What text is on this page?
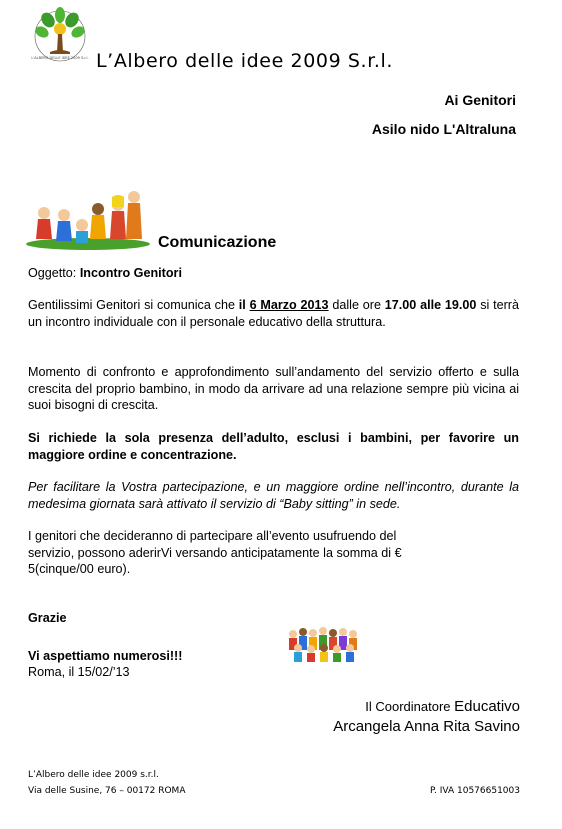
L'ALBERO DELLE IDEE 2009 S.r.l. L’Albero delle idee 2009 S.r.l.
Ai Genitori
Asilo nido L'Altraluna
Comunicazione
Oggetto: Incontro Genitori
Gentilissimi Genitori si comunica che il 6 Marzo 2013 dalle ore 17.00 alle 19.00 si terrà un incontro individuale con il personale educativo della struttura.
Momento di confronto e approfondimento sull’andamento del servizio offerto e sulla crescita del proprio bambino, in modo da arrivare ad una relazione sempre più vicina ai suoi bisogni di crescita.
Si richiede la sola presenza dell’adulto, esclusi i bambini, per favorire un maggiore ordine e concentrazione.
Per facilitare la Vostra partecipazione, e un maggiore ordine nell’incontro, durante la medesima giornata sarà attivato il servizio di “Baby sitting” in sede.
I genitori che decideranno di partecipare all’evento usufruendo del
servizio, possono aderirVi versando anticipatamente la somma di €
5(cinque/00 euro).
Grazie
Vi aspettiamo numerosi!!!
Roma, il 15/02/’13
Il Coordinatore Educativo
Arcangela Anna Rita Savino
L’Albero delle idee 2009 s.r.l.
Via delle Susine, 76 – 00172 ROMA	P. IVA 10576651003
